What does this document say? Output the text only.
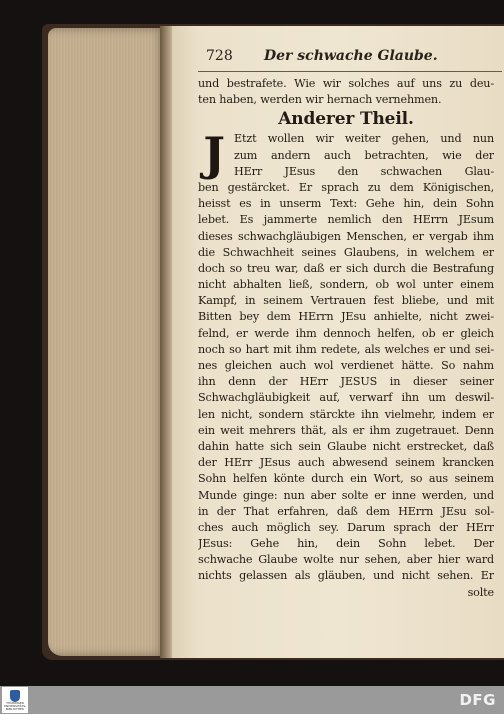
728 Der schwache Glaube.
und bestrafete. Wie wir solches auf uns zu deu-
ten haben, werden wir hernach vernehmen.
Anderer Theil.
J Etzt wollen wir weiter gehen, und nun
zum andern auch betrachten, wie der
HErr JEsus den schwachen Glau-
ben gestärcket. Er sprach zu dem Königischen,
heisst es in unserm Text: Gehe hin, dein Sohn
lebet. Es jammerte nemlich den HErrn JEsum
dieses schwachgläubigen Menschen, er vergab ihm
die Schwachheit seines Glaubens, in welchem er
doch so treu war, daß er sich durch die Bestrafung
nicht abhalten ließ, sondern, ob wol unter einem
Kampf, in seinem Vertrauen fest bliebe, und mit
Bitten bey dem HErrn JEsu anhielte, nicht zwei-
felnd, er werde ihm dennoch helfen, ob er gleich
noch so hart mit ihm redete, als welches er und sei-
nes gleichen auch wol verdienet hätte. So nahm
ihn denn der HErr JESUS in dieser seiner
Schwachgläubigkeit auf, verwarf ihn um deswil-
len nicht, sondern stärckte ihn vielmehr, indem er
ein weit mehrers thät, als er ihm zugetrauet. Denn
dahin hatte sich sein Glaube nicht erstrecket, daß
der HErr JEsus auch abwesend seinem krancken
Sohn helfen könte durch ein Wort, so aus seinem
Munde ginge: nun aber solte er inne werden, und
in der That erfahren, daß dem HErrn JEsu sol-
ches auch möglich sey. Darum sprach der HErr
JEsus: Gehe hin, dein Sohn lebet. Der
schwache Glaube wolte nur sehen, aber hier ward
nichts gelassen als gläuben, und nicht sehen. Er
solte
THÜRINGER
UNIVERSITÄTS-
BIBLIOTHEK	DFG
